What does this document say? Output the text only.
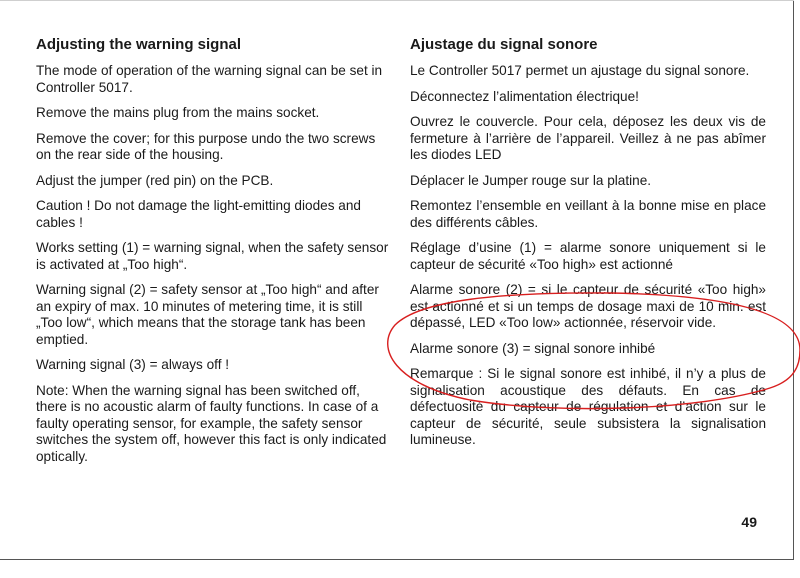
Adjusting the warning signal

The mode of operation of the warning signal can be set in Controller 5017.

Remove the mains plug from the mains socket.

Remove the cover; for this purpose undo the two screws on the rear side of the housing.

Adjust the jumper (red pin) on the PCB.

Caution ! Do not damage the light-emitting diodes and cables !

Works setting (1) = warning signal, when the safety sensor is activated at „Too high“.

Warning signal (2) = safety sensor at „Too high“ and after an expiry of max. 10 minutes of metering time, it is still „Too low“, which means that the storage tank has been emptied.

Warning signal (3) = always off !

Note: When the warning signal has been switched off, there is no acoustic alarm of faulty functions. In case of a faulty operating sensor, for example, the safety sensor switches the system off, however this fact is only indicated optically.

Ajustage du signal sonore

Le Controller 5017 permet un ajustage du signal sonore.

Déconnectez l’alimentation électrique!

Ouvrez le couvercle. Pour cela, déposez les deux vis de fermeture à l’arrière de l’appareil. Veillez à ne pas abîmer les diodes LED

Déplacer le Jumper rouge sur la platine.

Remontez l’ensemble en veillant à la bonne mise en place des différents câbles.

Réglage d’usine (1) = alarme sonore uniquement si le capteur de sécurité «Too high» est actionné

Alarme sonore (2) = si le capteur de sécurité «Too high» est actionné et si un temps de dosage maxi de 10 min. est dépassé, LED «Too low» actionnée, réservoir vide.

Alarme sonore (3) = signal sonore inhibé

Remarque : Si le signal sonore est inhibé, il n’y a plus de signalisation acoustique des défauts. En cas de défectuosité du capteur de régulation et d’action sur le capteur de sécurité, seule subsistera la signalisation lumineuse.

49
